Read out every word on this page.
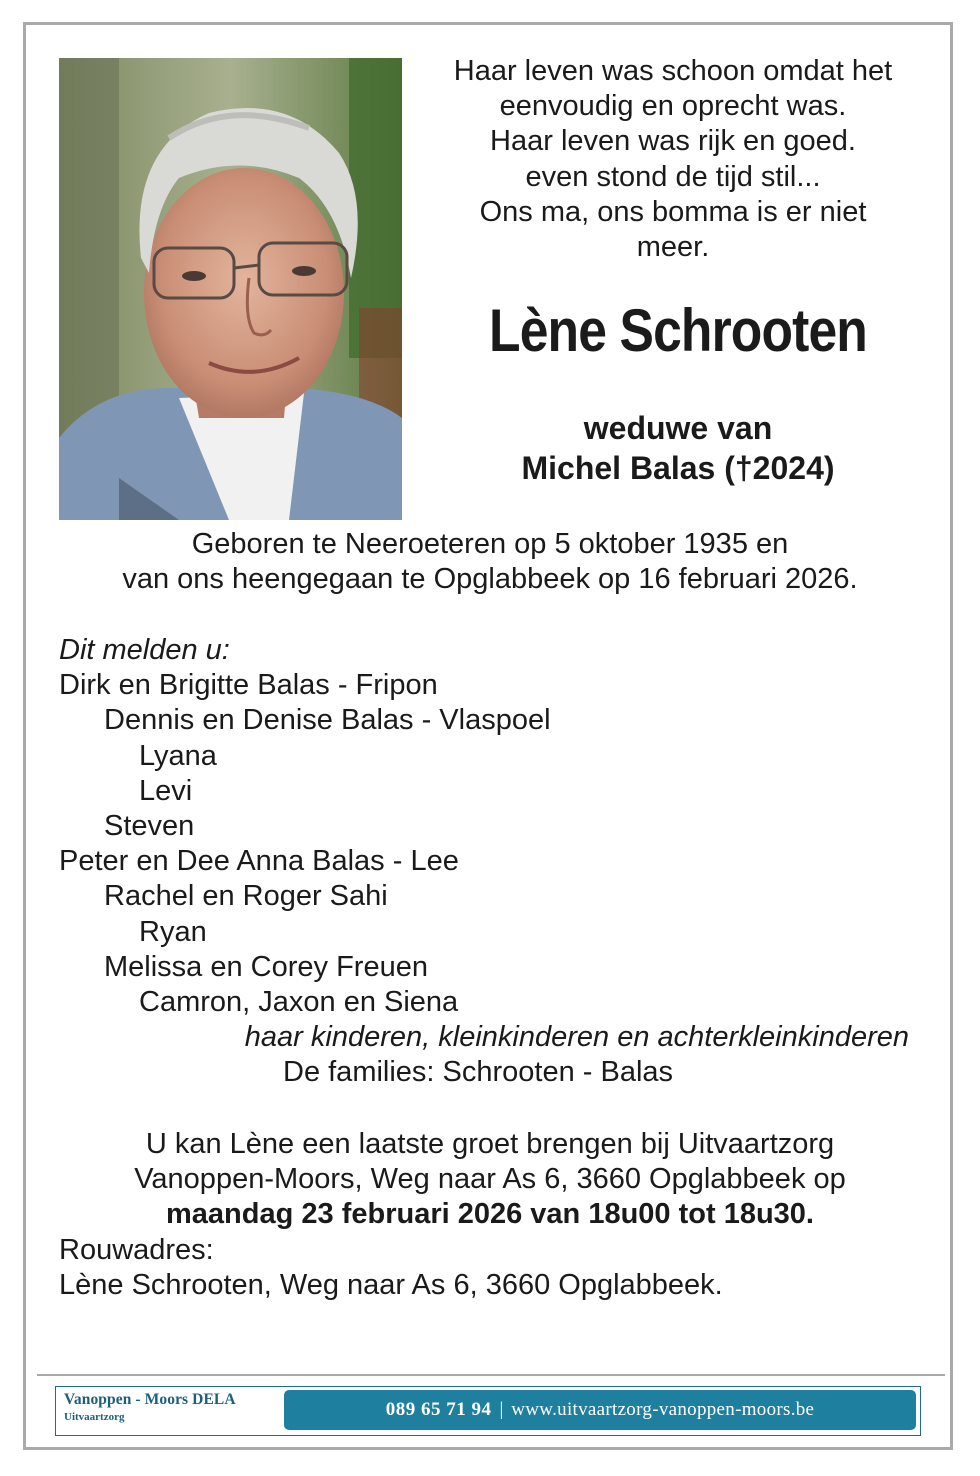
Haar leven was schoon omdat het
eenvoudig en oprecht was.
Haar leven was rijk en goed.
even stond de tijd stil...
Ons ma, ons bomma is er niet
meer.
Lène Schrooten
weduwe van
Michel Balas (†2024)
Geboren te Neeroeteren op 5 oktober 1935 en
van ons heengegaan te Opglabbeek op 16 februari 2026.
Dit melden u:
Dirk en Brigitte Balas - Fripon
Dennis en Denise Balas - Vlaspoel
Lyana
Levi
Steven
Peter en Dee Anna Balas - Lee
Rachel en Roger Sahi
Ryan
Melissa en Corey Freuen
Camron, Jaxon en Siena
haar kinderen, kleinkinderen en achterkleinkinderen
De families: Schrooten - Balas
U kan Lène een laatste groet brengen bij Uitvaartzorg
Vanoppen-Moors, Weg naar As 6, 3660 Opglabbeek op
maandag 23 februari 2026 van 18u00 tot 18u30.
Rouwadres:
Lène Schrooten, Weg naar As 6, 3660 Opglabbeek.
Vanoppen - Moors DELA
Uitvaartzorg	089 65 71 94 | www.uitvaartzorg-vanoppen-moors.be
